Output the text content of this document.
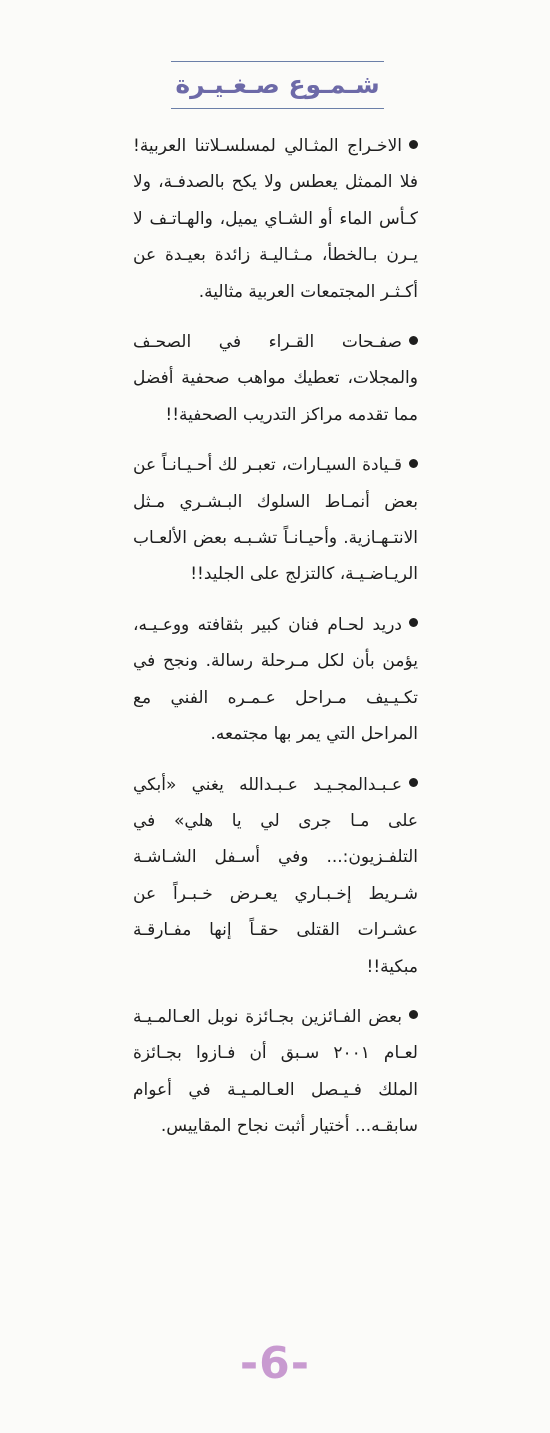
شـمـوع صـغـيـرة

الاخـراج المثـالي لمسلسـلاتنا العربية! فلا الممثل يعطس ولا يكح بالصدفـة، ولا كـأس الماء أو الشـاي يميل، والهـاتـف لا يـرن بـالخطأ، مـثـاليـة زائدة بعيـدة عن أكـثـر المجتمعات العربية مثالية.

صفـحات القـراء في الصحـف والمجلات، تعطيك مواهب صحفية أفضل مما تقدمه مراكز التدريب الصحفية!!

قـيادة السيـارات، تعبـر لك أحـيـانـاً عن بعض أنمـاط السلوك البـشـري مـثل الانتـهـازية. وأحيـانـاً تشـبـه بعض الألعـاب الريـاضـيـة، كالتزلج على الجليد!!

دريد لحـام فنان كبير بثقافته ووعـيـه، يؤمن بأن لكل مـرحلة رسالة. ونجح في تكـيـيف مـراحل عـمـره الفني مع المراحل التي يمر بها مجتمعه.

عـبـدالمجـيـد عـبـدالله يغني «أبكي على مـا جرى لي يا هلي» في التلفـزيون:... وفي أسـفل الشـاشـة شـريط إخـبـاري يعـرض خـبـراً عن عشـرات القتلى حقـاً إنها مفـارقـة مبكية!!

بعض الفـائزين بجـائزة نوبل العـالمـيـة لعـام ٢٠٠١ سـبق أن فـازوا بجـائزة الملك فـيـصل العـالمـيـة في أعوام سابقـه... أختيار أثبت نجاح المقاييس.

-6-
